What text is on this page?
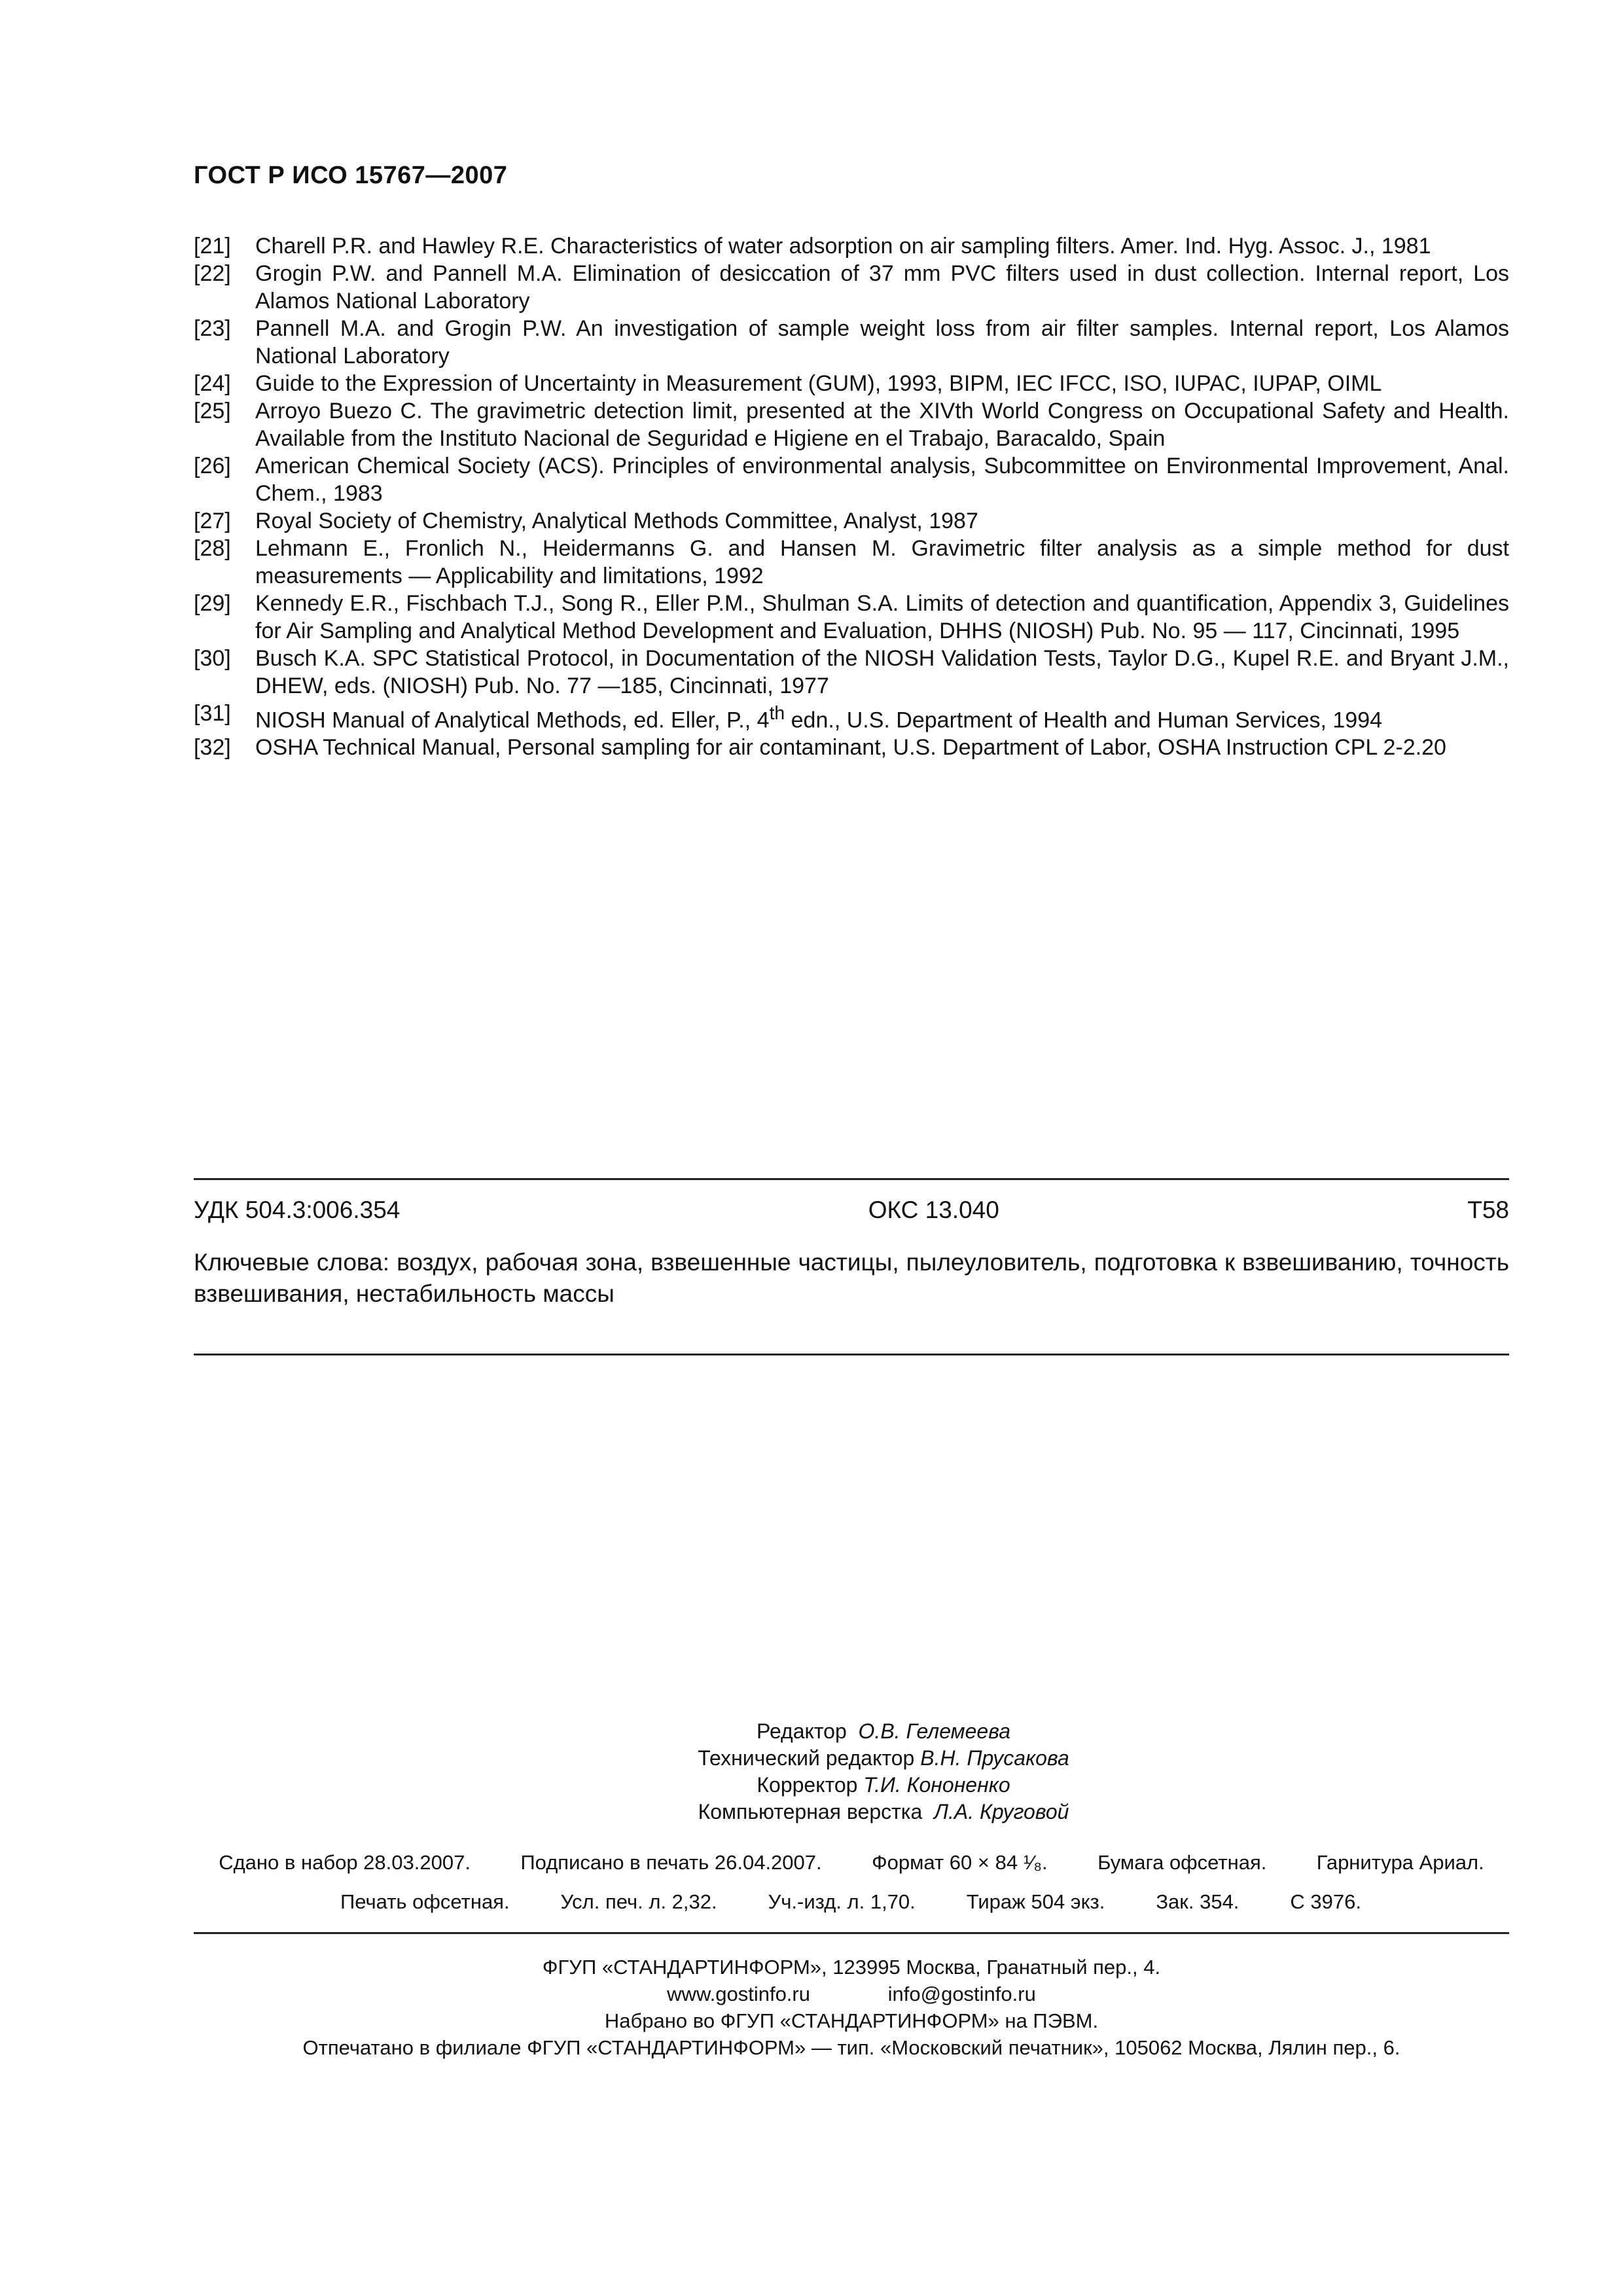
ГОСТ Р ИСО 15767—2007
[21]	Charell P.R. and Hawley R.E. Characteristics of water adsorption on air sampling filters. Amer. Ind. Hyg. Assoc. J., 1981
[22]	Grogin P.W. and Pannell M.A. Elimination of desiccation of 37 mm PVC filters used in dust collection. Internal report, Los Alamos National Laboratory
[23]	Pannell M.A. and Grogin P.W. An investigation of sample weight loss from air filter samples. Internal report, Los Alamos National Laboratory
[24]	Guide to the Expression of Uncertainty in Measurement (GUM), 1993, BIPM, IEC IFCC, ISO, IUPAC, IUPAP, OIML
[25]	Arroyo Buezo C. The gravimetric detection limit, presented at the XIVth World Congress on Occupational Safety and Health. Available from the Instituto Nacional de Seguridad e Higiene en el Trabajo, Baracaldo, Spain
[26]	American Chemical Society (ACS). Principles of environmental analysis, Subcommittee on Environmental Improvement, Anal. Chem., 1983
[27]	Royal Society of Chemistry, Analytical Methods Committee, Analyst, 1987
[28]	Lehmann E., Fronlich N., Heidermanns G. and Hansen M. Gravimetric filter analysis as a simple method for dust measurements — Applicability and limitations, 1992
[29]	Kennedy E.R., Fischbach T.J., Song R., Eller P.M., Shulman S.A. Limits of detection and quantification, Appendix 3, Guidelines for Air Sampling and Analytical Method Development and Evaluation, DHHS (NIOSH) Pub. No. 95 — 117, Cincinnati, 1995
[30]	Busch K.A. SPC Statistical Protocol, in Documentation of the NIOSH Validation Tests, Taylor D.G., Kupel R.E. and Bryant J.M., DHEW, eds. (NIOSH) Pub. No. 77 —185, Cincinnati, 1977
[31]	NIOSH Manual of Analytical Methods, ed. Eller, P., 4th edn., U.S. Department of Health and Human Services, 1994
[32]	OSHA Technical Manual, Personal sampling for air contaminant, U.S. Department of Labor, OSHA Instruction CPL 2-2.20
УДК 504.3:006.354	ОКС 13.040	Т58
Ключевые слова: воздух, рабочая зона, взвешенные частицы, пылеуловитель, подготовка к взвешиванию, точность взвешивания, нестабильность массы
Редактор О.В. Гелемеева
Технический редактор В.Н. Прусакова
Корректор Т.И. Кононенко
Компьютерная верстка Л.А. Круговой
Сдано в набор 28.03.2007. Подписано в печать 26.04.2007. Формат 60 × 84 ¹⁄₈. Бумага офсетная. Гарнитура Ариал.
Печать офсетная.	Усл. печ. л. 2,32.	Уч.-изд. л. 1,70.	Тираж 504 экз.	Зак. 354.	С 3976.
ФГУП «СТАНДАРТИНФОРМ», 123995 Москва, Гранатный пер., 4.
www.gostinfo.ru	info@gostinfo.ru
Набрано во ФГУП «СТАНДАРТИНФОРМ» на ПЭВМ.
Отпечатано в филиале ФГУП «СТАНДАРТИНФОРМ» — тип. «Московский печатник», 105062 Москва, Лялин пер., 6.
